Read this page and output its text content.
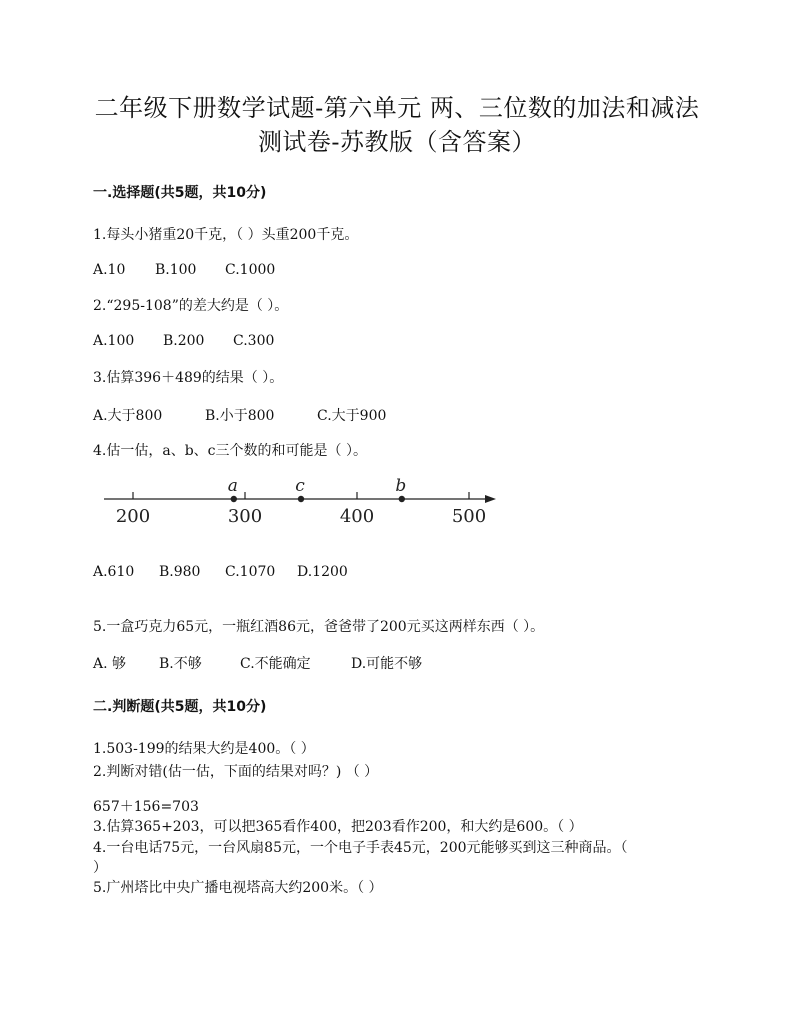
二年级下册数学试题-第六单元 两、三位数的加法和减法
测试卷-苏教版（含答案）
一.选择题(共5题，共10分)
1.每头小猪重20千克，（ ）头重200千克。
A.10 B.100 C.1000
2.“295-108”的差大约是（ ）。
A.100 B.200 C.300
3.估算396＋489的结果（ ）。
A.大于800	B.小于800	C.大于900
4.估一估，a、b、c三个数的和可能是（ ）。
200	300	400	500
a	c	b
A.610 B.980 C.1070 D.1200
5.一盒巧克力65元，一瓶红酒86元，爸爸带了200元买这两样东西（ ）。
A. 够 B.不够	C.不能确定	D.可能不够
二.判断题(共5题，共10分)
1.503-199的结果大约是400。（ ）
2.判断对错(估一估，下面的结果对吗？) （ ）
657＋156=703
3.估算365+203，可以把365看作400，把203看作200，和大约是600。（ ）
4.一台电话75元，一台风扇85元，一个电子手表45元，200元能够买到这三种商品。（
）
5.广州塔比中央广播电视塔高大约200米。（ ）
